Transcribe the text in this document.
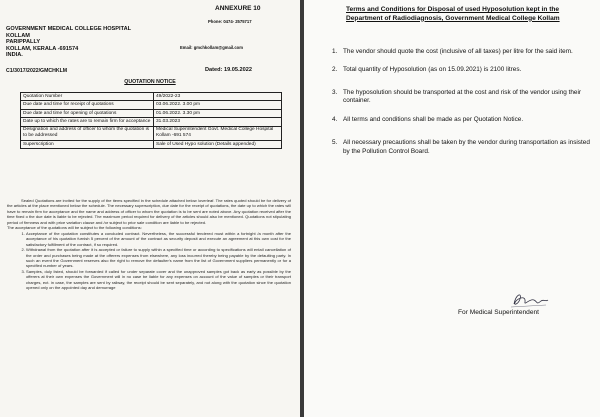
ANNEXURE 10
Phone: 0474- 2575717
GOVERNMENT MEDICAL COLLEGE HOSPITAL
KOLLAM
PARIPPALLY
KOLLAM, KERALA -691574
INDIA.
Email: gmchkollam@gmail.com
C1/3017/2022/GMCHKLM	Dated: 19.05.2022
QUOTATION NOTICE
Quotation Number	49/2022-23
Due date and time for receipt of quotations	03.06.2022. 3.00 pm
Due date and time for opening of quotations	01.06.2022. 3.30 pm
Date up to which the rates are to remain firm for acceptance	31.03.2023
Designation and address of officer to whom the quotation is to be addressed	Medical Superintendent Govt. Medical College Hospital Kollam -691 574
Superscription	Sale of Used Hypo solution (Details appended)

Sealed Quotations are invited for the supply of the items specified in the schedule attached below /overleaf. The rates quoted should be for delivery of the articles at the place mentioned below the schedule. The necessary superscription, due date for the receipt of quotations, the date up to which the rates will have to remain firm for acceptance and the name and address of officer to whom the quotation is to be sent are noted above. Any quotation received after the time fixed o the due date is liable to be rejected. The maximum period required for delivery of the articles should also be mentioned. Quotations not stipulating period of firmness and with price variation clause and /or subject to prior sale condition are liable to be rejected.

The acceptance of the quotations will be subject to the following conditions:

1. Acceptance of the quotation constitutes a concluded contract. Nevertheless, the successful tendered must within a fortnight /a month after the acceptance of his quotation furnish 5 percent of the amount of the contract as security deposit and execute an agreement at this own cost for the satisfactory fulfillment of the contract, if so required.
2. Withdrawal from the quotation after it is accepted or failure to supply within a specified time or according to specifications will entail cancellation of the order and purchases being made at the offerers expenses from elsewhere, any loss incurred thereby being payable by the defaulting party. In such an event the Government reserves also the right to remove the defaulter's name from the list of Government suppliers permanently or for a specified number of years.
3. Samples, duly listed, should be forwarded if called for under separate cover and the unapproved samples got back as early as possible by the offerers at their own expenses the Government will in no case be liable for any expenses on account of the value of samples or their transport charges, ect. in case, the samples are sent by railway, the receipt should be sent separately, and not along with the quotation since the quotation opened only on the appointed day and demurrage
Terms and Conditions for Disposal of used Hyposolution kept in the Department of Radiodiagnosis, Government Medical College Kollam
1. The vendor should quote the cost (inclusive of all taxes) per litre for the said item.
2. Total quantity of Hyposolution (as on 15.09.2021) is 2100 litres.
3. The hyposolution should be transported at the cost and risk of the vendor using their container.
4. All terms and conditions shall be made as per Quotation Notice.
5. All necessary precautions shall be taken by the vendor during transportation as insisted by the Pollution Control Board.
For Medical Superintendent
